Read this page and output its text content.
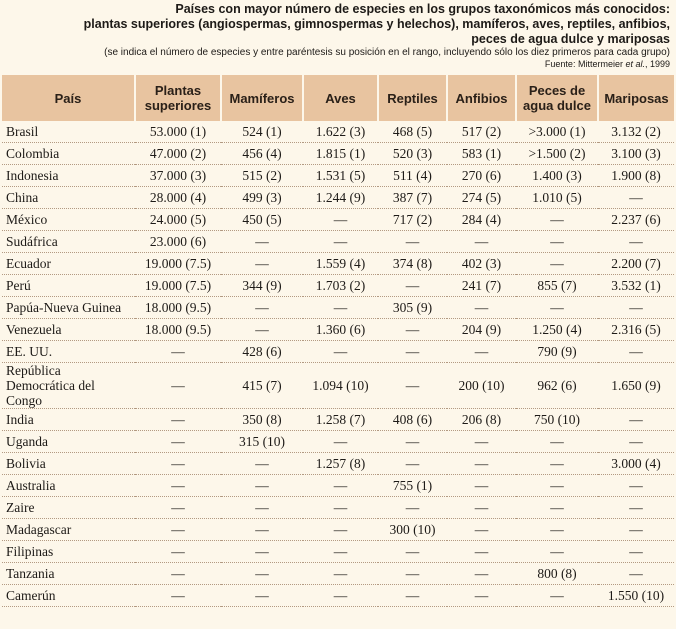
Países con mayor número de especies en los grupos taxonómicos más conocidos:
plantas superiores (angiospermas, gimnospermas y helechos), mamíferos, aves, reptiles, anfibios,
peces de agua dulce y mariposas
(se indica el número de especies y entre paréntesis su posición en el rango, incluyendo sólo los diez primeros para cada grupo)
Fuente: Mittermeier et al., 1999
País	Plantas superiores	Mamíferos	Aves	Reptiles	Anfibios	Peces de agua dulce	Mariposas
Brasil	53.000 (1)	524 (1)	1.622 (3)	468 (5)	517 (2)	>3.000 (1)	3.132 (2)
Colombia	47.000 (2)	456 (4)	1.815 (1)	520 (3)	583 (1)	>1.500 (2)	3.100 (3)
Indonesia	37.000 (3)	515 (2)	1.531 (5)	511 (4)	270 (6)	1.400 (3)	1.900 (8)
China	28.000 (4)	499 (3)	1.244 (9)	387 (7)	274 (5)	1.010 (5)	—
México	24.000 (5)	450 (5)	—	717 (2)	284 (4)	—	2.237 (6)
Sudáfrica	23.000 (6)	—	—	—	—	—	—
Ecuador	19.000 (7.5)	—	1.559 (4)	374 (8)	402 (3)	—	2.200 (7)
Perú	19.000 (7.5)	344 (9)	1.703 (2)	—	241 (7)	855 (7)	3.532 (1)
Papúa-Nueva Guinea	18.000 (9.5)	—	—	305 (9)	—	—	—
Venezuela	18.000 (9.5)	—	1.360 (6)	—	204 (9)	1.250 (4)	2.316 (5)
EE. UU.	—	428 (6)	—	—	—	790 (9)	—
República Democrática del Congo	—	415 (7)	1.094 (10)	—	200 (10)	962 (6)	1.650 (9)
India	—	350 (8)	1.258 (7)	408 (6)	206 (8)	750 (10)	—
Uganda	—	315 (10)	—	—	—	—	—
Bolivia	—	—	1.257 (8)	—	—	—	3.000 (4)
Australia	—	—	—	755 (1)	—	—	—
Zaire	—	—	—	—	—	—	—
Madagascar	—	—	—	300 (10)	—	—	—
Filipinas	—	—	—	—	—	—	—
Tanzania	—	—	—	—	—	800 (8)	—
Camerún	—	—	—	—	—	—	1.550 (10)
